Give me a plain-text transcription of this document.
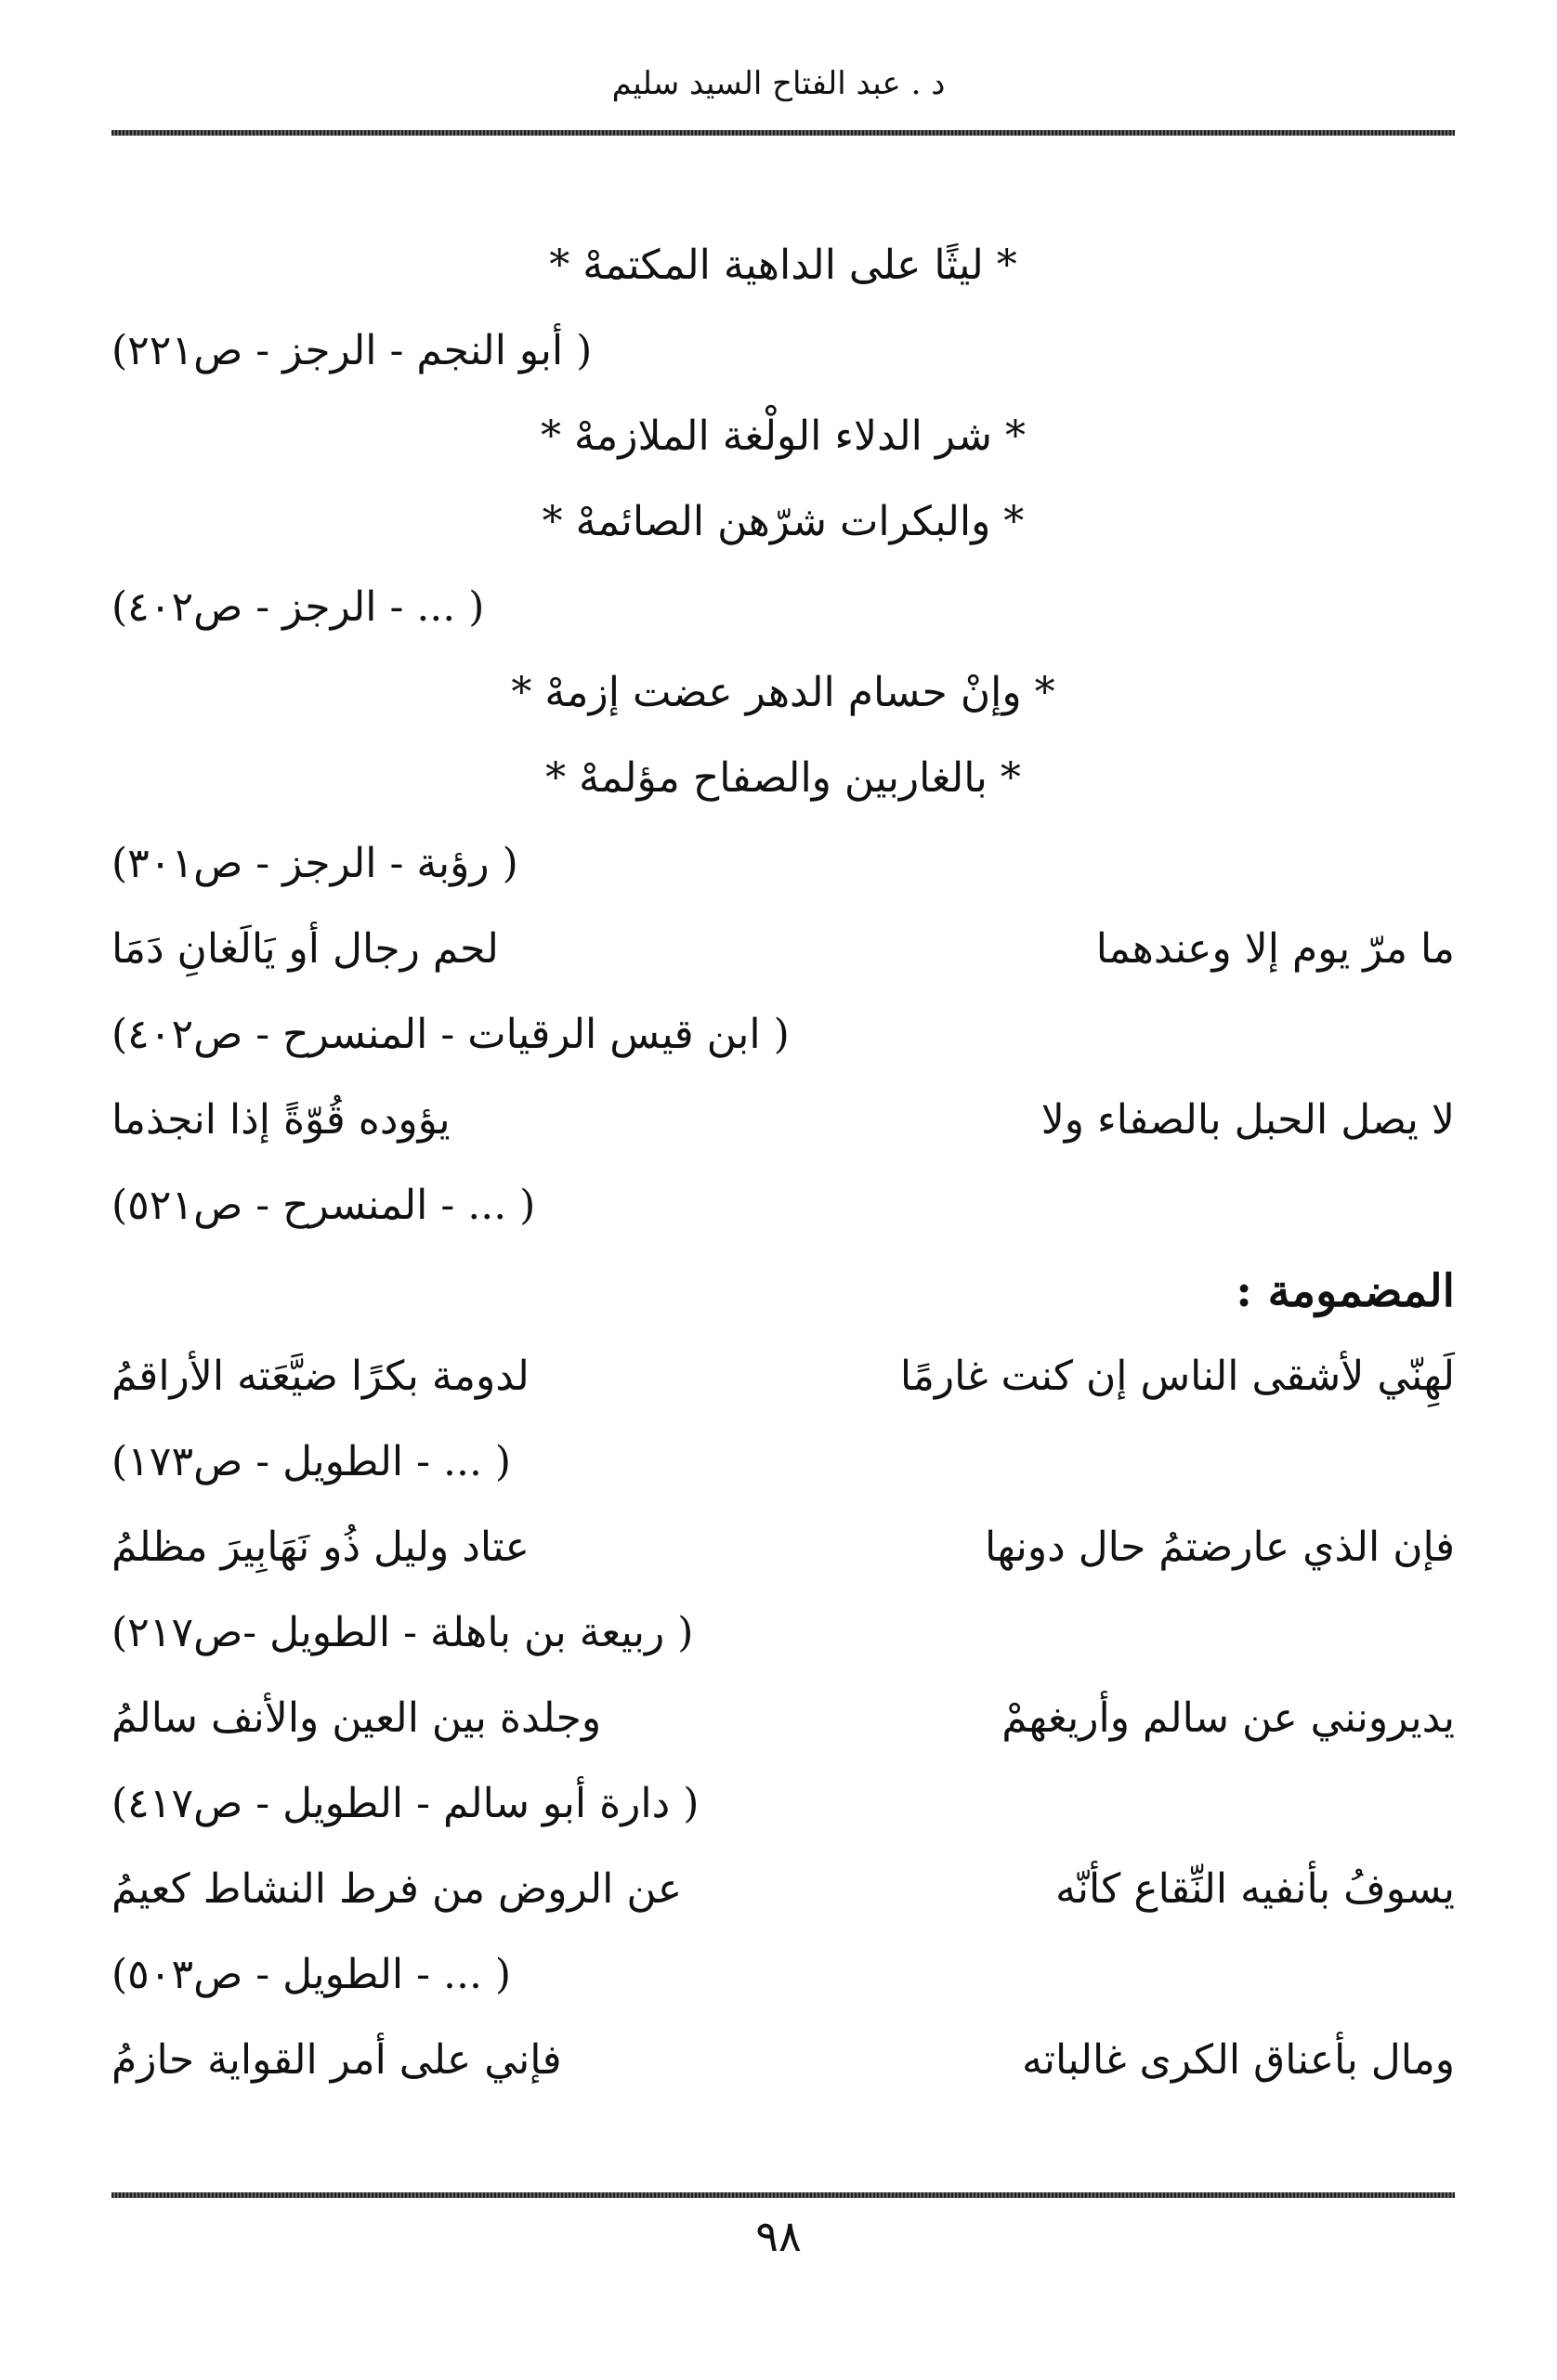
د . عبد الفتاح السيد سليم
* ليثًا على الداهية المكتمهْ *
( أبو النجم - الرجز - ص٢٢١)
* شر الدلاء الولْغة الملازمهْ *
* والبكرات شرّهن الصائمهْ *
( ... - الرجز - ص٤٠٢)
* وإنْ حسام الدهر عضت إزمهْ *
* بالغاربين والصفاح مؤلمهْ *
( رؤبة - الرجز - ص٣٠١)
ما مرّ يوم إلا وعندهما
لحم رجال أو يَالَغانِ دَمَا
( ابن قيس الرقيات - المنسرح - ص٤٠٢)
لا يصل الحبل بالصفاء ولا
يؤوده قُوّةً إذا انجذما
( ... - المنسرح - ص٥٢١)
المضمومة :
لَهِنّي لأشقى الناس إن كنت غارمًا
لدومة بكرًا ضيَّعَته الأراقمُ
( ... - الطويل - ص١٧٣)
فإن الذي عارضتمُ حال دونها
عتاد وليل ذُو نَهَابِيرَ مظلمُ
( ربيعة بن باهلة - الطويل -ص٢١٧)
يديرونني عن سالم وأريغهمْ
وجلدة بين العين والأنف سالمُ
( دارة أبو سالم - الطويل - ص٤١٧)
يسوفُ بأنفيه النِّقاع كأنّه
عن الروض من فرط النشاط كعيمُ
( ... - الطويل - ص٥٠٣)
ومال بأعناق الكرى غالباته
فإني على أمر القواية حازمُ
٩٨
